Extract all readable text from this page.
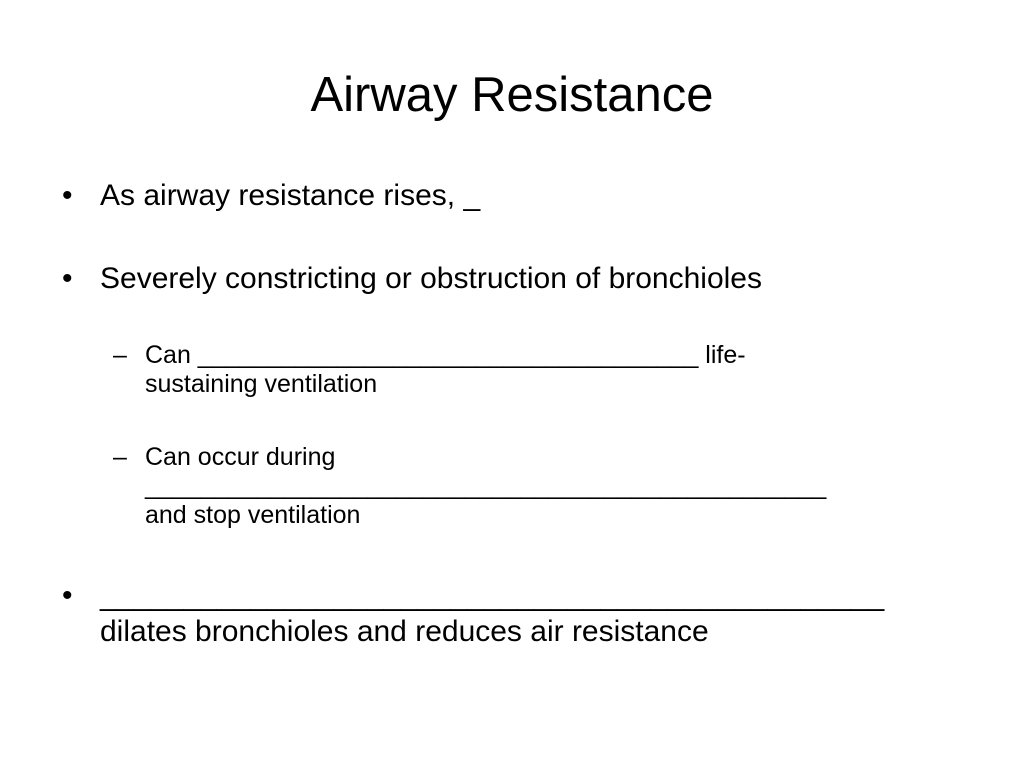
Airway Resistance
• As airway resistance rises, _
• Severely constricting or obstruction of bronchioles
– Can ____________________________________ life-
sustaining ventilation
– Can occur during
_________________________________________________
and stop ventilation
• _______________________________________________
dilates bronchioles and reduces air resistance
